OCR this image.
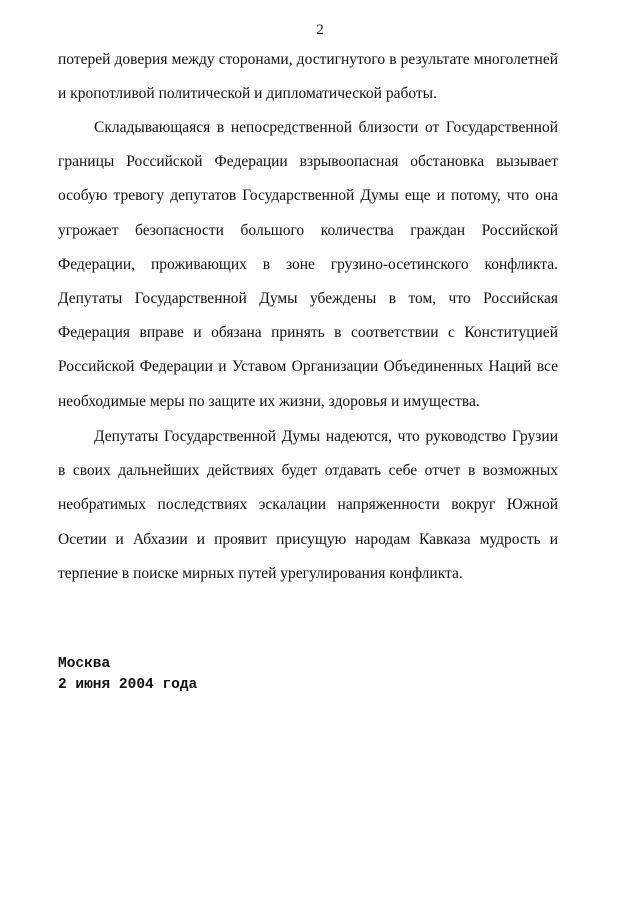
2
потерей доверия между сторонами, достигнутого в результате многолетней и кропотливой политической и дипломатической работы.
Складывающаяся в непосредственной близости от Государственной границы Российской Федерации взрывоопасная обстановка вызывает особую тревогу депутатов Государственной Думы еще и потому, что она угрожает безопасности большого количества граждан Российской Федерации, проживающих в зоне грузино-осетинского конфликта. Депутаты Государственной Думы убеждены в том, что Российская Федерация вправе и обязана принять в соответствии с Конституцией Российской Федерации и Уставом Организации Объединенных Наций все необходимые меры по защите их жизни, здоровья и имущества.
Депутаты Государственной Думы надеются, что руководство Грузии в своих дальнейших действиях будет отдавать себе отчет в возможных необратимых последствиях эскалации напряженности вокруг Южной Осетии и Абхазии и проявит присущую народам Кавказа мудрость и терпение в поиске мирных путей урегулирования конфликта.
Москва
2 июня 2004 года
